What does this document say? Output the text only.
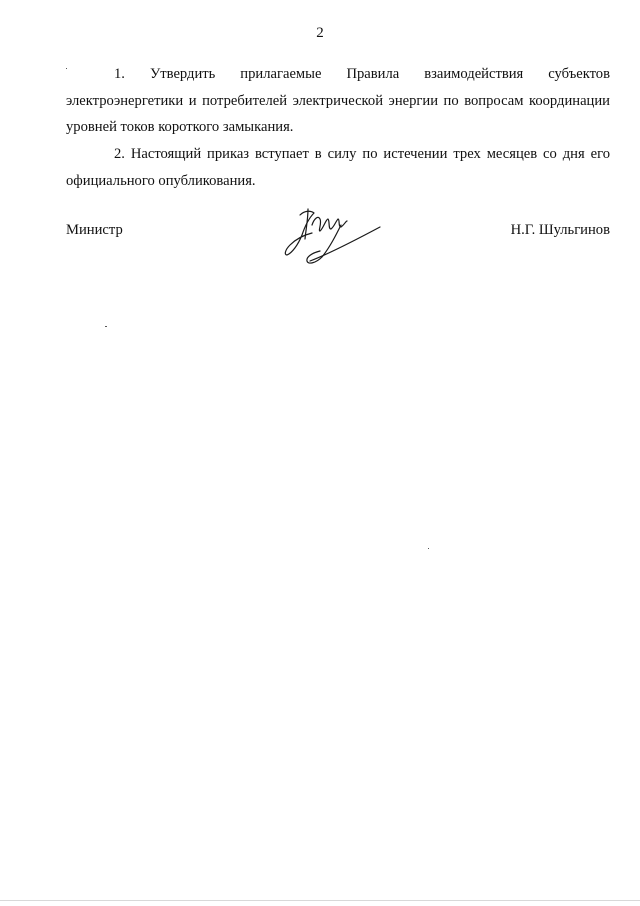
2

1. Утвердить прилагаемые Правила взаимодействия субъектов электроэнергетики и потребителей электрической энергии по вопросам координации уровней токов короткого замыкания.

2. Настоящий приказ вступает в силу по истечении трех месяцев со дня его официального опубликования.

Министр	Н.Г. Шульгинов
